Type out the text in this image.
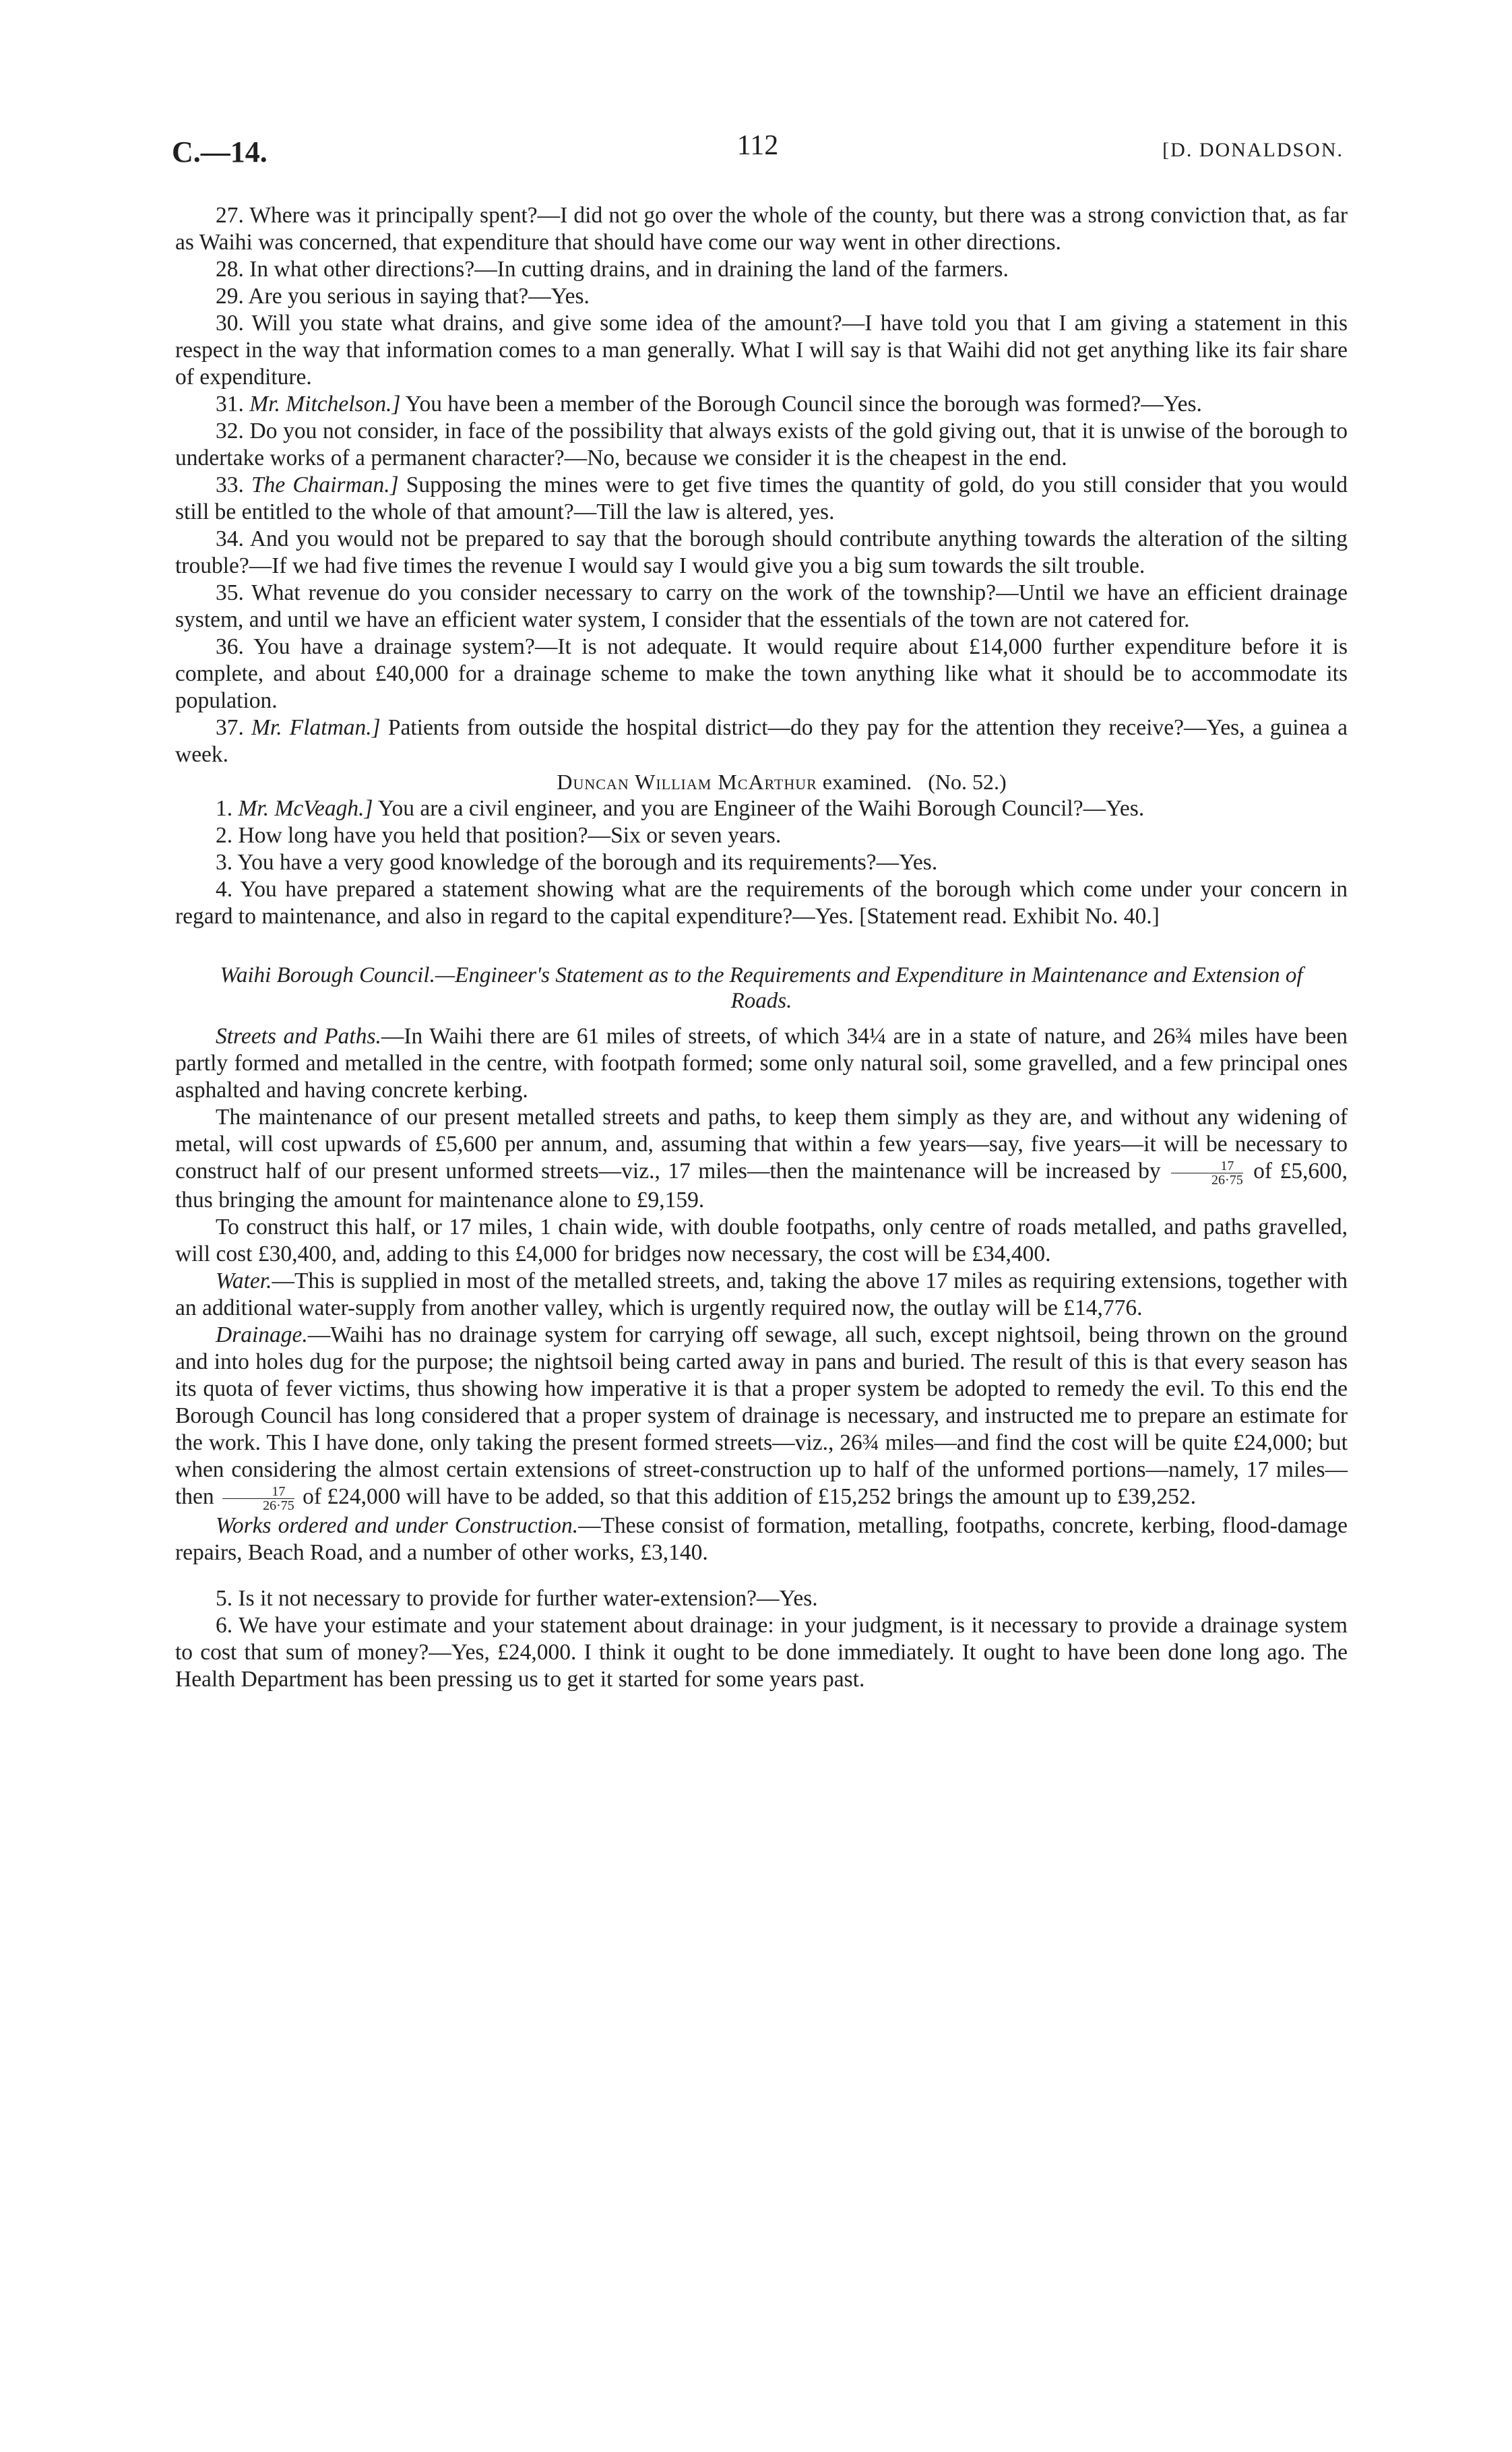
C.—14.	112	[D. DONALDSON.

27. Where was it principally spent?—I did not go over the whole of the county, but there was a strong conviction that, as far as Waihi was concerned, that expenditure that should have come our way went in other directions.

28. In what other directions?—In cutting drains, and in draining the land of the farmers.

29. Are you serious in saying that?—Yes.

30. Will you state what drains, and give some idea of the amount?—I have told you that I am giving a statement in this respect in the way that information comes to a man generally. What I will say is that Waihi did not get anything like its fair share of expenditure.

31. Mr. Mitchelson.] You have been a member of the Borough Council since the borough was formed?—Yes.

32. Do you not consider, in face of the possibility that always exists of the gold giving out, that it is unwise of the borough to undertake works of a permanent character?—No, because we consider it is the cheapest in the end.

33. The Chairman.] Supposing the mines were to get five times the quantity of gold, do you still consider that you would still be entitled to the whole of that amount?—Till the law is altered, yes.

34. And you would not be prepared to say that the borough should contribute anything towards the alteration of the silting trouble?—If we had five times the revenue I would say I would give you a big sum towards the silt trouble.

35. What revenue do you consider necessary to carry on the work of the township?—Until we have an efficient drainage system, and until we have an efficient water system, I consider that the essentials of the town are not catered for.

36. You have a drainage system?—It is not adequate. It would require about £14,000 further expenditure before it is complete, and about £40,000 for a drainage scheme to make the town anything like what it should be to accommodate its population.

37. Mr. Flatman.] Patients from outside the hospital district—do they pay for the attention they receive?—Yes, a guinea a week.

Duncan William McArthur examined. (No. 52.)

1. Mr. McVeagh.] You are a civil engineer, and you are Engineer of the Waihi Borough Council?—Yes.

2. How long have you held that position?—Six or seven years.

3. You have a very good knowledge of the borough and its requirements?—Yes.

4. You have prepared a statement showing what are the requirements of the borough which come under your concern in regard to maintenance, and also in regard to the capital expenditure?—Yes. [Statement read. Exhibit No. 40.]

Waihi Borough Council.—Engineer's Statement as to the Requirements and Expenditure in Maintenance and Extension of Roads.

Streets and Paths.—In Waihi there are 61 miles of streets, of which 34¼ are in a state of nature, and 26¾ miles have been partly formed and metalled in the centre, with footpath formed; some only natural soil, some gravelled, and a few principal ones asphalted and having concrete kerbing.

The maintenance of our present metalled streets and paths, to keep them simply as they are, and without any widening of metal, will cost upwards of £5,600 per annum, and, assuming that within a few years—say, five years—it will be necessary to construct half of our present unformed streets—viz., 17 miles—then the maintenance will be increased by $\frac{17}{26\cdot 75}$ of £5,600, thus bringing the amount for maintenance alone to £9,159.

To construct this half, or 17 miles, 1 chain wide, with double footpaths, only centre of roads metalled, and paths gravelled, will cost £30,400, and, adding to this £4,000 for bridges now necessary, the cost will be £34,400.

Water.—This is supplied in most of the metalled streets, and, taking the above 17 miles as requiring extensions, together with an additional water-supply from another valley, which is urgently required now, the outlay will be £14,776.

Drainage.—Waihi has no drainage system for carrying off sewage, all such, except nightsoil, being thrown on the ground and into holes dug for the purpose; the nightsoil being carted away in pans and buried. The result of this is that every season has its quota of fever victims, thus showing how imperative it is that a proper system be adopted to remedy the evil. To this end the Borough Council has long considered that a proper system of drainage is necessary, and instructed me to prepare an estimate for the work. This I have done, only taking the present formed streets—viz., 26¾ miles—and find the cost will be quite £24,000; but when considering the almost certain extensions of street-construction up to half of the unformed portions—namely, 17 miles—then $\frac{17}{26\cdot 75}$ of £24,000 will have to be added, so that this addition of £15,252 brings the amount up to £39,252.

Works ordered and under Construction.—These consist of formation, metalling, footpaths, concrete, kerbing, flood-damage repairs, Beach Road, and a number of other works, £3,140.

5. Is it not necessary to provide for further water-extension?—Yes.

6. We have your estimate and your statement about drainage: in your judgment, is it necessary to provide a drainage system to cost that sum of money?—Yes, £24,000. I think it ought to be done immediately. It ought to have been done long ago. The Health Department has been pressing us to get it started for some years past.
